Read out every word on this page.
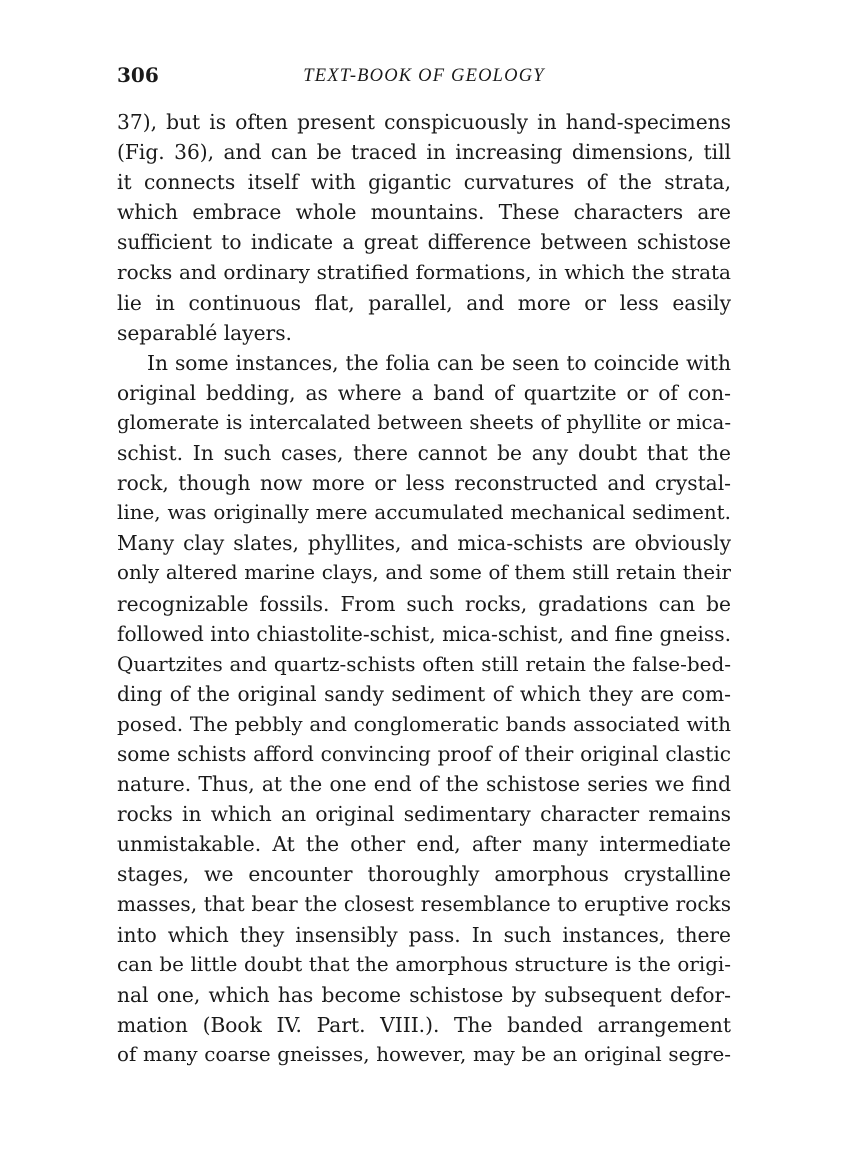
306	TEXT-BOOK OF GEOLOGY
37), but is often present conspicuously in hand-specimens
(Fig. 36), and can be traced in increasing dimensions, till
it connects itself with gigantic curvatures of the strata,
which embrace whole mountains. These characters are
sufficient to indicate a great difference between schistose
rocks and ordinary stratified formations, in which the strata
lie in continuous flat, parallel, and more or less easily
separablé layers.
In some instances, the folia can be seen to coincide with
original bedding, as where a band of quartzite or of con-
glomerate is intercalated between sheets of phyllite or mica-
schist. In such cases, there cannot be any doubt that the
rock, though now more or less reconstructed and crystal-
line, was originally mere accumulated mechanical sediment.
Many clay slates, phyllites, and mica-schists are obviously
only altered marine clays, and some of them still retain their
recognizable fossils. From such rocks, gradations can be
followed into chiastolite-schist, mica-schist, and fine gneiss.
Quartzites and quartz-schists often still retain the false-bed-
ding of the original sandy sediment of which they are com-
posed. The pebbly and conglomeratic bands associated with
some schists afford convincing proof of their original clastic
nature. Thus, at the one end of the schistose series we find
rocks in which an original sedimentary character remains
unmistakable. At the other end, after many intermediate
stages, we encounter thoroughly amorphous crystalline
masses, that bear the closest resemblance to eruptive rocks
into which they insensibly pass. In such instances, there
can be little doubt that the amorphous structure is the origi-
nal one, which has become schistose by subsequent defor-
mation (Book IV. Part. VIII.). The banded arrangement
of many coarse gneisses, however, may be an original segre-
